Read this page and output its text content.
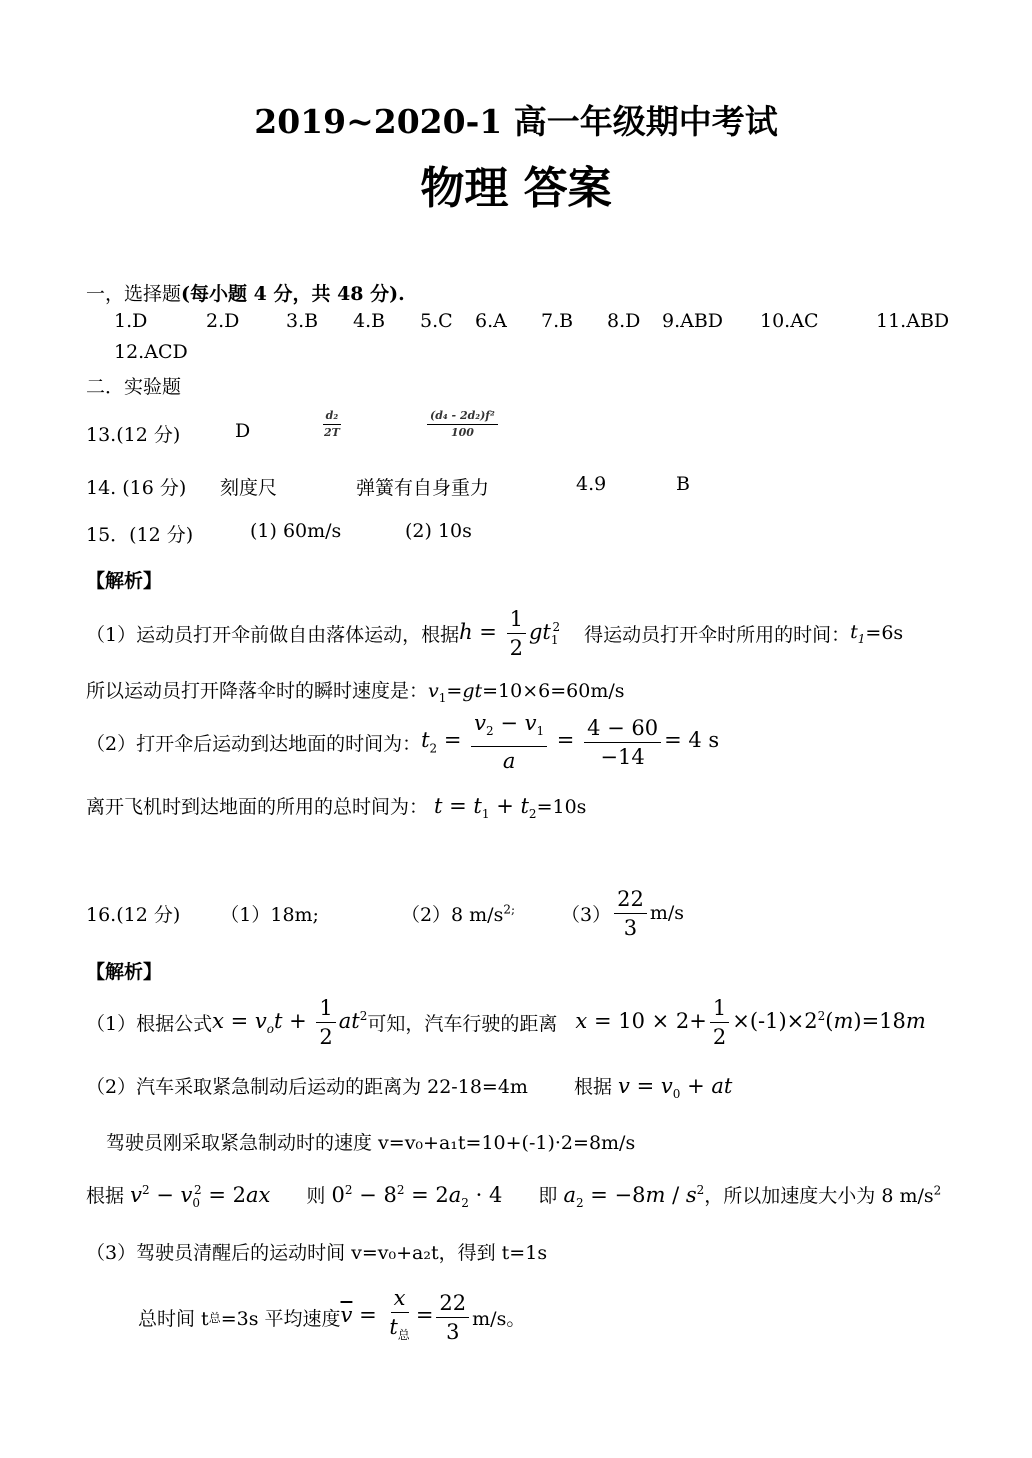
2019~2020-1 高一年级期中考试
物理 答案
一，选择题(每小题 4 分，共 48 分).
1.D	2.D 3.B 4.B 5.C 6.A 7.B 8.D 9.ABD 10.AC	11.ABD
12.ACD
二．实验题
13.(12 分)	D	$\frac{\text{d₂}}{2T}$	$\frac{\text{(d₄ - 2d₂)f²}}{100}$
14. (16 分) 刻度尺	弹簧有自身重力	4.9	B
15．(12 分)	(1) 60m/s	(2) 10s
【解析】
（1）运动员打开伞前做自由落体运动，根据 $h = \frac{1}{2} gt_1^2$ 得运动员打开伞时所用的时间： $t_1 =6s$
所以运动员打开降落伞时的瞬时速度是：$v_1=gt=10\times 6=60m/s$
（2）打开伞后运动到达地面的时间为： $t_2 = \frac{v_2 - v_1}{a} = \frac{4 - 60}{-14} = 4$ s
离开飞机时到达地面的所用的总时间为： $t = t_1 + t_2=10s$
16.(12 分) （1）18m;	（2）8 $m/s^{2;}$ $(3) \frac{22}{3} m/s$
【解析】
（1）根据公式 $x = v_ot + \frac{1}{2} at^2$ 可知，汽车行驶的距离 $x = 10 \times 2+ \frac{1}{2} \times(-1)\times 2^2(m)=18m$
（2）汽车采取紧急制动后运动的距离为 22-18=4m 根据 $v = v_0$ + at
驾驶员刚采取紧急制动时的速度 v=v₀+a₁t=10+(-1)·2=8m/s
根据 $v^2 - v_0^2 = 2ax$ 则 $0^2 - 8^2 = 2a_2 \cdot 4$ 即 $a_2 = -8m / s^2$，所以加速度大小为 8 $m/s^2$
（3）驾驶员清醒后的运动时间 v=v₀+a₂t，得到 t=1s
总时间 t 总 =3s 平均速度 $\overline{v} = \frac{x}{t_总} = \frac{22}{3} m/s$。
